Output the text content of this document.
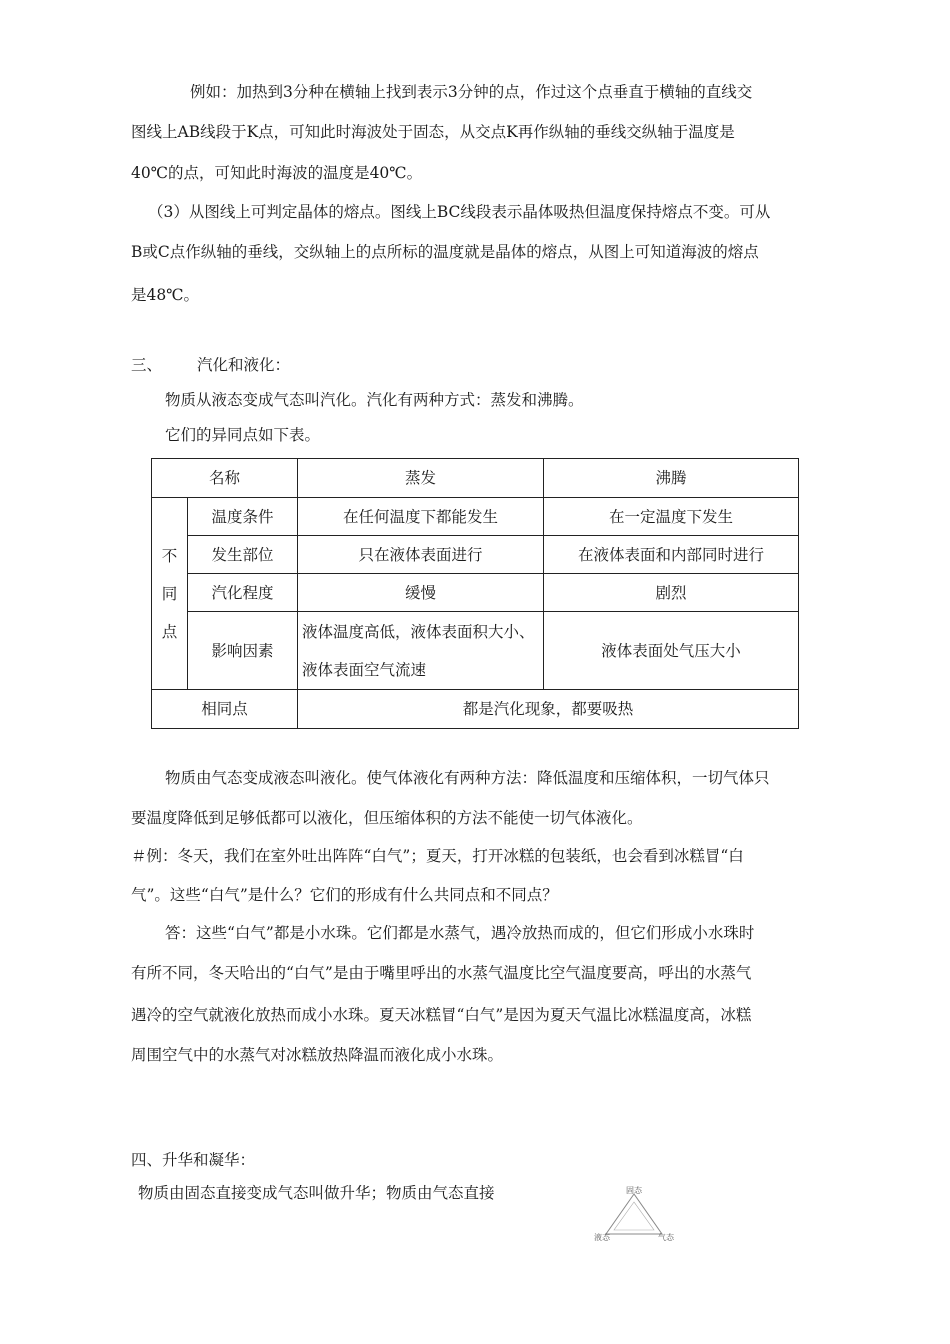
例如：加热到3分种在横轴上找到表示3分钟的点，作过这个点垂直于横轴的直线交
图线上AB线段于K点，可知此时海波处于固态，从交点K再作纵轴的垂线交纵轴于温度是
40℃的点，可知此时海波的温度是40℃。
（3）从图线上可判定晶体的熔点。图线上BC线段表示晶体吸热但温度保持熔点不变。可从
B或C点作纵轴的垂线，交纵轴上的点所标的温度就是晶体的熔点，从图上可知道海波的熔点
是48℃。
三、 汽化和液化：
物质从液态变成气态叫汽化。汽化有两种方式：蒸发和沸腾。
它们的异同点如下表。
名称		蒸发	沸腾

不
同
点	温度条件	在任何温度下都能发生	在一定温度下发生
	发生部位	只在液体表面进行	在液体表面和内部同时进行
	汽化程度	缓慢	剧烈
	影响因素	液体温度高低，液体表面积大小、液体表面空气流速	液体表面处气压大小
相同点		都是汽化现象，都要吸热	
物质由气态变成液态叫液化。使气体液化有两种方法：降低温度和压缩体积，一切气体只
要温度降低到足够低都可以液化，但压缩体积的方法不能使一切气体液化。
＃例：冬天，我们在室外吐出阵阵“白气”；夏天，打开冰糕的包装纸，也会看到冰糕冒“白
气”。这些“白气”是什么？它们的形成有什么共同点和不同点？
答：这些“白气”都是小水珠。它们都是水蒸气，遇冷放热而成的，但它们形成小水珠时
有所不同，冬天哈出的“白气”是由于嘴里呼出的水蒸气温度比空气温度要高，呼出的水蒸气
遇冷的空气就液化放热而成小水珠。夏天冰糕冒“白气”是因为夏天气温比冰糕温度高，冰糕
周围空气中的水蒸气对冰糕放热降温而液化成小水珠。
四、升华和凝华：
物质由固态直接变成气态叫做升华；物质由气态直接	固态
液态	气态
